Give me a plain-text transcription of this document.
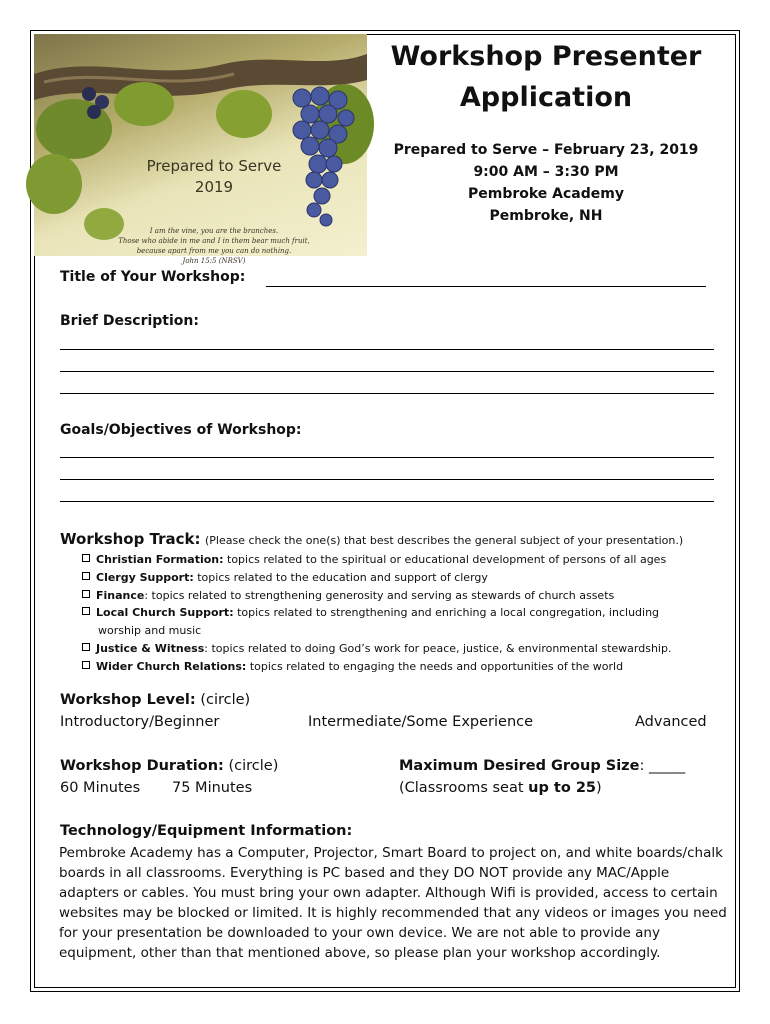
Prepared to Serve
2019
I am the vine, you are the branches.
Those who abide in me and I in them bear much fruit,
because apart from me you can do nothing.
John 15:5 (NRSV)
Workshop Presenter
Application
Prepared to Serve – February 23, 2019
9:00 AM – 3:30 PM
Pembroke Academy
Pembroke, NH
Title of Your Workshop:
Brief Description:
Goals/Objectives of Workshop:
Workshop Track: (Please check the one(s) that best describes the general subject of your presentation.)
Christian Formation: topics related to the spiritual or educational development of persons of all ages
Clergy Support: topics related to the education and support of clergy
Finance: topics related to strengthening generosity and serving as stewards of church assets
Local Church Support: topics related to strengthening and enriching a local congregation, including
worship and music
Justice & Witness: topics related to doing God’s work for peace, justice, & environmental stewardship.
Wider Church Relations: topics related to engaging the needs and opportunities of the world
Workshop Level: (circle)
Introductory/Beginner	Intermediate/Some Experience	Advanced
Workshop Duration: (circle)
60 Minutes 75 Minutes
Maximum Desired Group Size: _____
(Classrooms seat up to 25)
Technology/Equipment Information:
Pembroke Academy has a Computer, Projector, Smart Board to project on, and white boards/chalk boards in all classrooms. Everything is PC based and they DO NOT provide any MAC/Apple adapters or cables. You must bring your own adapter. Although Wifi is provided, access to certain websites may be blocked or limited. It is highly recommended that any videos or images you need for your presentation be downloaded to your own device. We are not able to provide any equipment, other than that mentioned above, so please plan your workshop accordingly.
